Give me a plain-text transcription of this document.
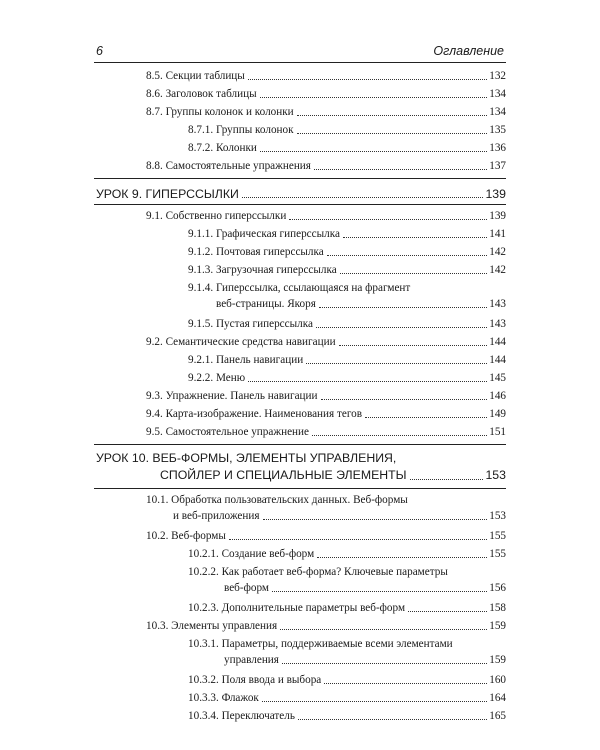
6	Оглавление
8.5. Секции таблицы	132
8.6. Заголовок таблицы	134
8.7. Группы колонок и колонки	134
8.7.1. Группы колонок	135
8.7.2. Колонки	136
8.8. Самостоятельные упражнения	137
УРОК 9. ГИПЕРССЫЛКИ	139
9.1. Собственно гиперссылки	139
9.1.1. Графическая гиперссылка	141
9.1.2. Почтовая гиперссылка	142
9.1.3. Загрузочная гиперссылка	142
9.1.4. Гиперссылка, ссылающаяся на фрагмент
веб-страницы. Якоря	143
9.1.5. Пустая гиперссылка	143
9.2. Семантические средства навигации	144
9.2.1. Панель навигации	144
9.2.2. Меню	145
9.3. Упражнение. Панель навигации	146
9.4. Карта-изображение. Наименования тегов	149
9.5. Самостоятельное упражнение	151
УРОК 10. ВЕБ-ФОРМЫ, ЭЛЕМЕНТЫ УПРАВЛЕНИЯ,
СПОЙЛЕР И СПЕЦИАЛЬНЫЕ ЭЛЕМЕНТЫ	153
10.1. Обработка пользовательских данных. Веб-формы
и веб-приложения	153
10.2. Веб-формы	155
10.2.1. Создание веб-форм	155
10.2.2. Как работает веб-форма? Ключевые параметры
веб-форм	156
10.2.3. Дополнительные параметры веб-форм	158
10.3. Элементы управления	159
10.3.1. Параметры, поддерживаемые всеми элементами
управления	159
10.3.2. Поля ввода и выбора	160
10.3.3. Флажок	164
10.3.4. Переключатель	165
